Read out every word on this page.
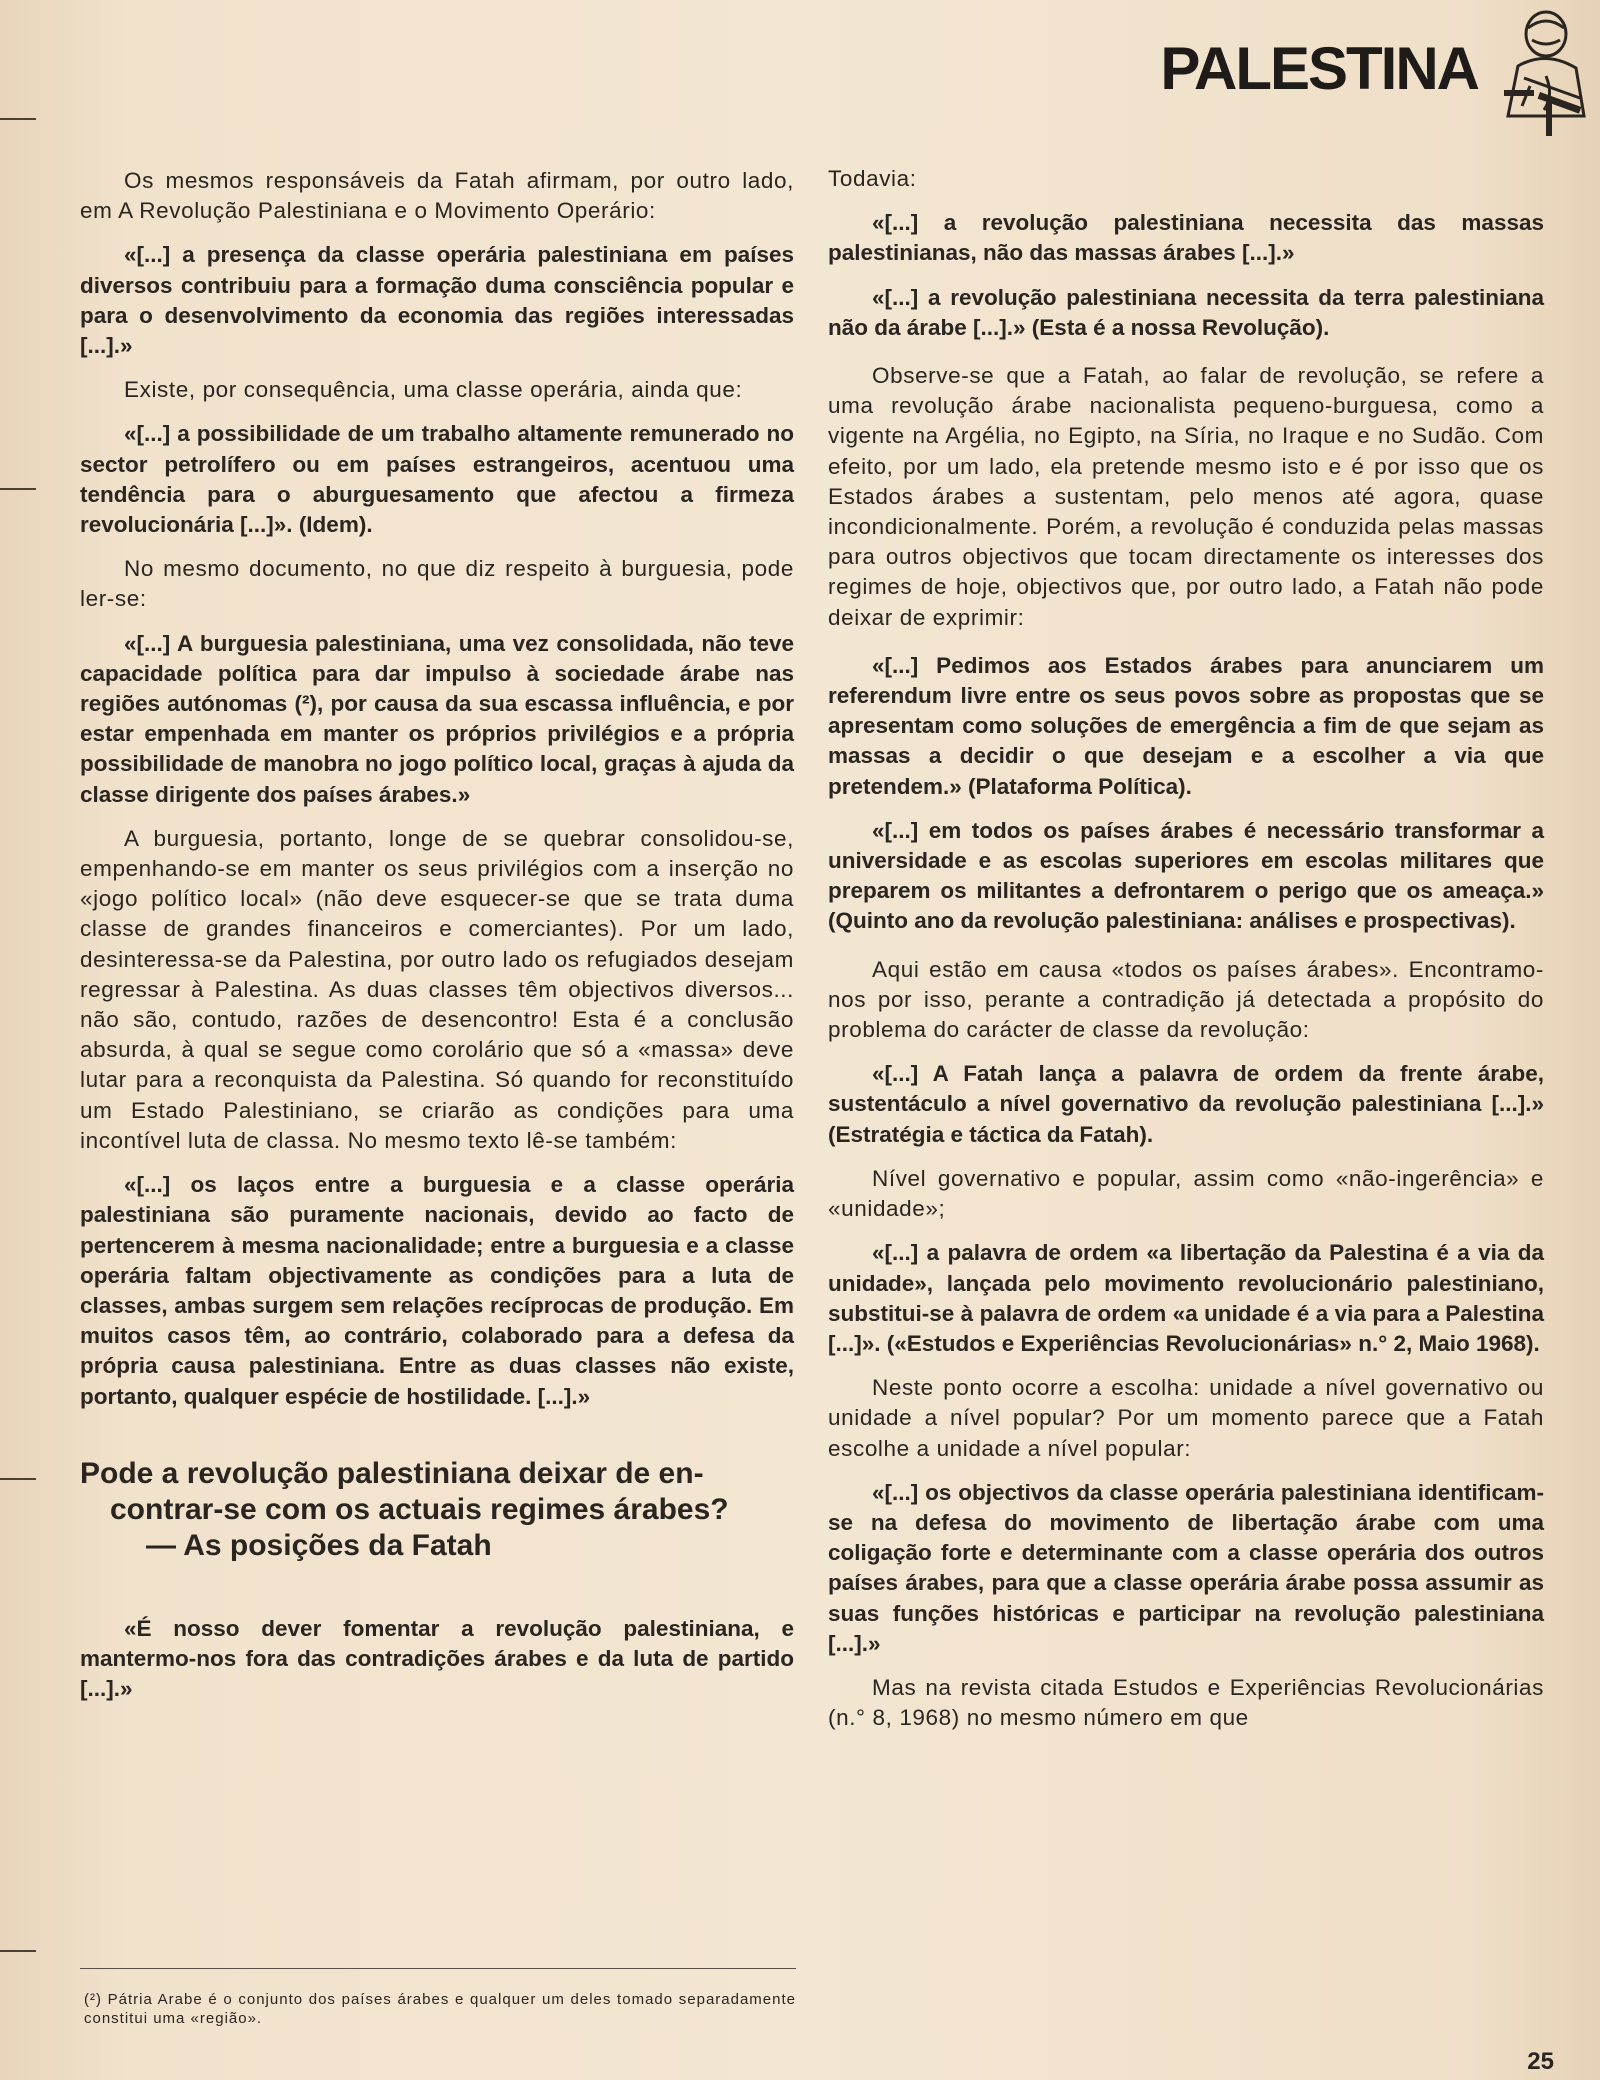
PALESTINA

Os mesmos responsáveis da Fatah afirmam, por outro lado, em A Revolução Palestiniana e o Movimento Operário:

«[...] a presença da classe operária palestiniana em países diversos contribuiu para a formação duma consciência popular e para o desenvolvimento da economia das regiões interessadas [...].»

Existe, por consequência, uma classe operária, ainda que:

«[...] a possibilidade de um trabalho altamente remunerado no sector petrolífero ou em países estrangeiros, acentuou uma tendência para o aburguesamento que afectou a firmeza revolucionária [...]». (Idem).

No mesmo documento, no que diz respeito à burguesia, pode ler-se:

«[...] A burguesia palestiniana, uma vez consolidada, não teve capacidade política para dar impulso à sociedade árabe nas regiões autónomas (²), por causa da sua escassa influência, e por estar empenhada em manter os próprios privilégios e a própria possibilidade de manobra no jogo político local, graças à ajuda da classe dirigente dos países árabes.»

A burguesia, portanto, longe de se quebrar consolidou-se, empenhando-se em manter os seus privilégios com a inserção no «jogo político local» (não deve esquecer-se que se trata duma classe de grandes financeiros e comerciantes). Por um lado, desinteressa-se da Palestina, por outro lado os refugiados desejam regressar à Palestina. As duas classes têm objectivos diversos... não são, contudo, razões de desencontro! Esta é a conclusão absurda, à qual se segue como corolário que só a «massa» deve lutar para a reconquista da Palestina. Só quando for reconstituído um Estado Palestiniano, se criarão as condições para uma incontível luta de classa. No mesmo texto lê-se também:

«[...] os laços entre a burguesia e a classe operária palestiniana são puramente nacionais, devido ao facto de pertencerem à mesma nacionalidade; entre a burguesia e a classe operária faltam objectivamente as condições para a luta de classes, ambas surgem sem relações recíprocas de produção. Em muitos casos têm, ao contrário, colaborado para a defesa da própria causa palestiniana. Entre as duas classes não existe, portanto, qualquer espécie de hostilidade. [...].»

Pode a revolução palestiniana deixar de en-
contrar-se com os actuais regimes árabes?
— As posições da Fatah

«É nosso dever fomentar a revolução palestiniana, e mantermo-nos fora das contradições árabes e da luta de partido [...].»

Todavia:

«[...] a revolução palestiniana necessita das massas palestinianas, não das massas árabes [...].»

«[...] a revolução palestiniana necessita da terra palestiniana não da árabe [...].» (Esta é a nossa Revolução).

Observe-se que a Fatah, ao falar de revolução, se refere a uma revolução árabe nacionalista pequeno-burguesa, como a vigente na Argélia, no Egipto, na Síria, no Iraque e no Sudão. Com efeito, por um lado, ela pretende mesmo isto e é por isso que os Estados árabes a sustentam, pelo menos até agora, quase incondicionalmente. Porém, a revolução é conduzida pelas massas para outros objectivos que tocam directamente os interesses dos regimes de hoje, objectivos que, por outro lado, a Fatah não pode deixar de exprimir:

«[...] Pedimos aos Estados árabes para anunciarem um referendum livre entre os seus povos sobre as propostas que se apresentam como soluções de emergência a fim de que sejam as massas a decidir o que desejam e a escolher a via que pretendem.» (Plataforma Política).

«[...] em todos os países árabes é necessário transformar a universidade e as escolas superiores em escolas militares que preparem os militantes a defrontarem o perigo que os ameaça.» (Quinto ano da revolução palestiniana: análises e prospectivas).

Aqui estão em causa «todos os países árabes». Encontramo-nos por isso, perante a contradição já detectada a propósito do problema do carácter de classe da revolução:

«[...] A Fatah lança a palavra de ordem da frente árabe, sustentáculo a nível governativo da revolução palestiniana [...].» (Estratégia e táctica da Fatah).

Nível governativo e popular, assim como «não-ingerência» e «unidade»;

«[...] a palavra de ordem «a libertação da Palestina é a via da unidade», lançada pelo movimento revolucionário palestiniano, substitui-se à palavra de ordem «a unidade é a via para a Palestina [...]». («Estudos e Experiências Revolucionárias» n.° 2, Maio 1968).

Neste ponto ocorre a escolha: unidade a nível governativo ou unidade a nível popular? Por um momento parece que a Fatah escolhe a unidade a nível popular:

«[...] os objectivos da classe operária palestiniana identificam-se na defesa do movimento de libertação árabe com uma coligação forte e determinante com a classe operária dos outros países árabes, para que a classe operária árabe possa assumir as suas funções históricas e participar na revolução palestiniana [...].»

Mas na revista citada Estudos e Experiências Revolucionárias (n.° 8, 1968) no mesmo número em que

(²) Pátria Arabe é o conjunto dos países árabes e qualquer um deles tomado separadamente constitui uma «região».
25
